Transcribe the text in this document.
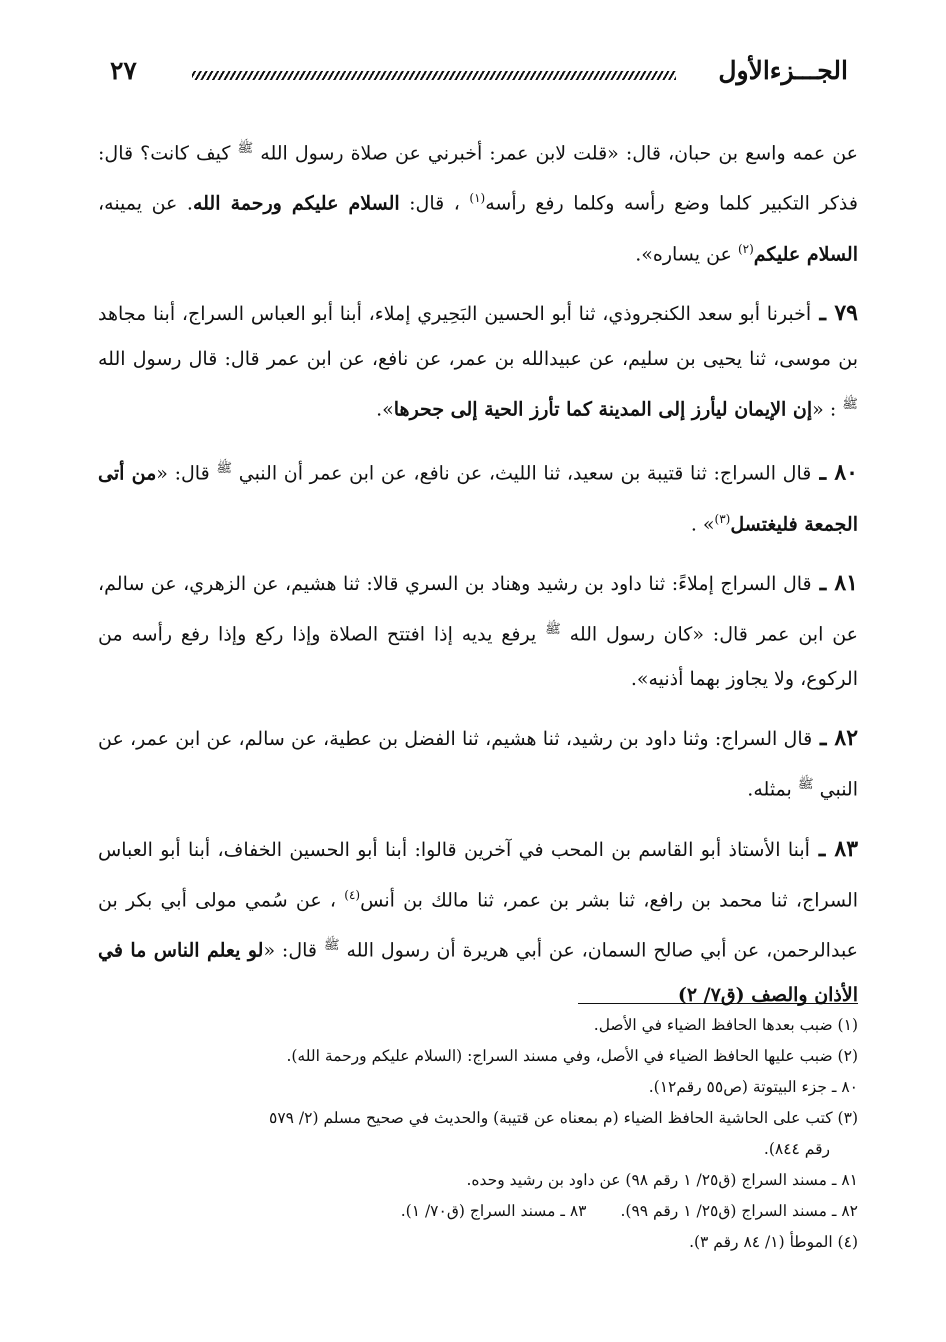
الجـــزءالأول
٢٧

عن عمه واسع بن حبان، قال: «قلت لابن عمر: أخبرني عن صلاة رسول الله $^ﷺ$ كيف كانت؟ قال: فذكر التكبير كلما وضع رأسه وكلما رفع رأسه$^{(١)}$ ، قال: السلام عليكم ورحمة الله. عن يمينه، السلام عليكم$^{(٢)}$ عن يساره».

٧٩ ـ أخبرنا أبو سعد الكنجروذي، ثنا أبو الحسين البَحِيري إملاء، أبنا أبو العباس السراج، أبنا مجاهد بن موسى، ثنا يحيى بن سليم، عن عبيدالله بن عمر، عن نافع، عن ابن عمر قال: قال رسول الله $^ﷺ$ : «إن الإيمان ليأرز إلى المدينة كما تأرز الحية إلى جحرها».

٨٠ ـ قال السراج: ثنا قتيبة بن سعيد، ثنا الليث، عن نافع، عن ابن عمر أن النبي $^ﷺ$ قال: «من أتى الجمعة فليغتسل$^{(٣)}$» .

٨١ ـ قال السراج إملاءً: ثنا داود بن رشيد وهناد بن السري قالا: ثنا هشيم، عن الزهري، عن سالم، عن ابن عمر قال: «كان رسول الله $^ﷺ$ يرفع يديه إذا افتتح الصلاة وإذا ركع وإذا رفع رأسه من الركوع، ولا يجاوز بهما أذنيه».

٨٢ ـ قال السراج: وثنا داود بن رشيد، ثنا هشيم، ثنا الفضل بن عطية، عن سالم، عن ابن عمر، عن النبي $^ﷺ$ بمثله.

٨٣ ـ أبنا الأستاذ أبو القاسم بن المحب في آخرين قالوا: أبنا أبو الحسين الخفاف، أبنا أبو العباس السراج، ثنا محمد بن رافع، ثنا بشر بن عمر، ثنا مالك بن أنس$^{(٤)}$ ، عن سُمي مولى أبي بكر بن عبدالرحمن، عن أبي صالح السمان، عن أبي هريرة أن رسول الله $^ﷺ$ قال: «لو يعلم الناس ما في الأذان والصف (ق٧/ ٢)

(١) ضبب بعدها الحافظ الضياء في الأصل.

(٢) ضبب عليها الحافظ الضياء في الأصل، وفي مسند السراج: (السلام عليكم ورحمة الله).

٨٠ ـ جزء البيتوتة (ص٥٥ رقم١٢).

(٣) كتب على الحاشية الحافظ الضياء (م بمعناه عن قتيبة) والحديث في صحيح مسلم (٢/ ٥٧٩

رقم ٨٤٤).

٨١ ـ مسند السراج (ق٢٥/ ١ رقم ٩٨) عن داود بن رشيد وحده.

٨٢ ـ مسند السراج (ق٢٥/ ١ رقم ٩٩).٨٣ ـ مسند السراج (ق٧٠/ ١).

(٤) الموطأ (١/ ٨٤ رقم ٣).
